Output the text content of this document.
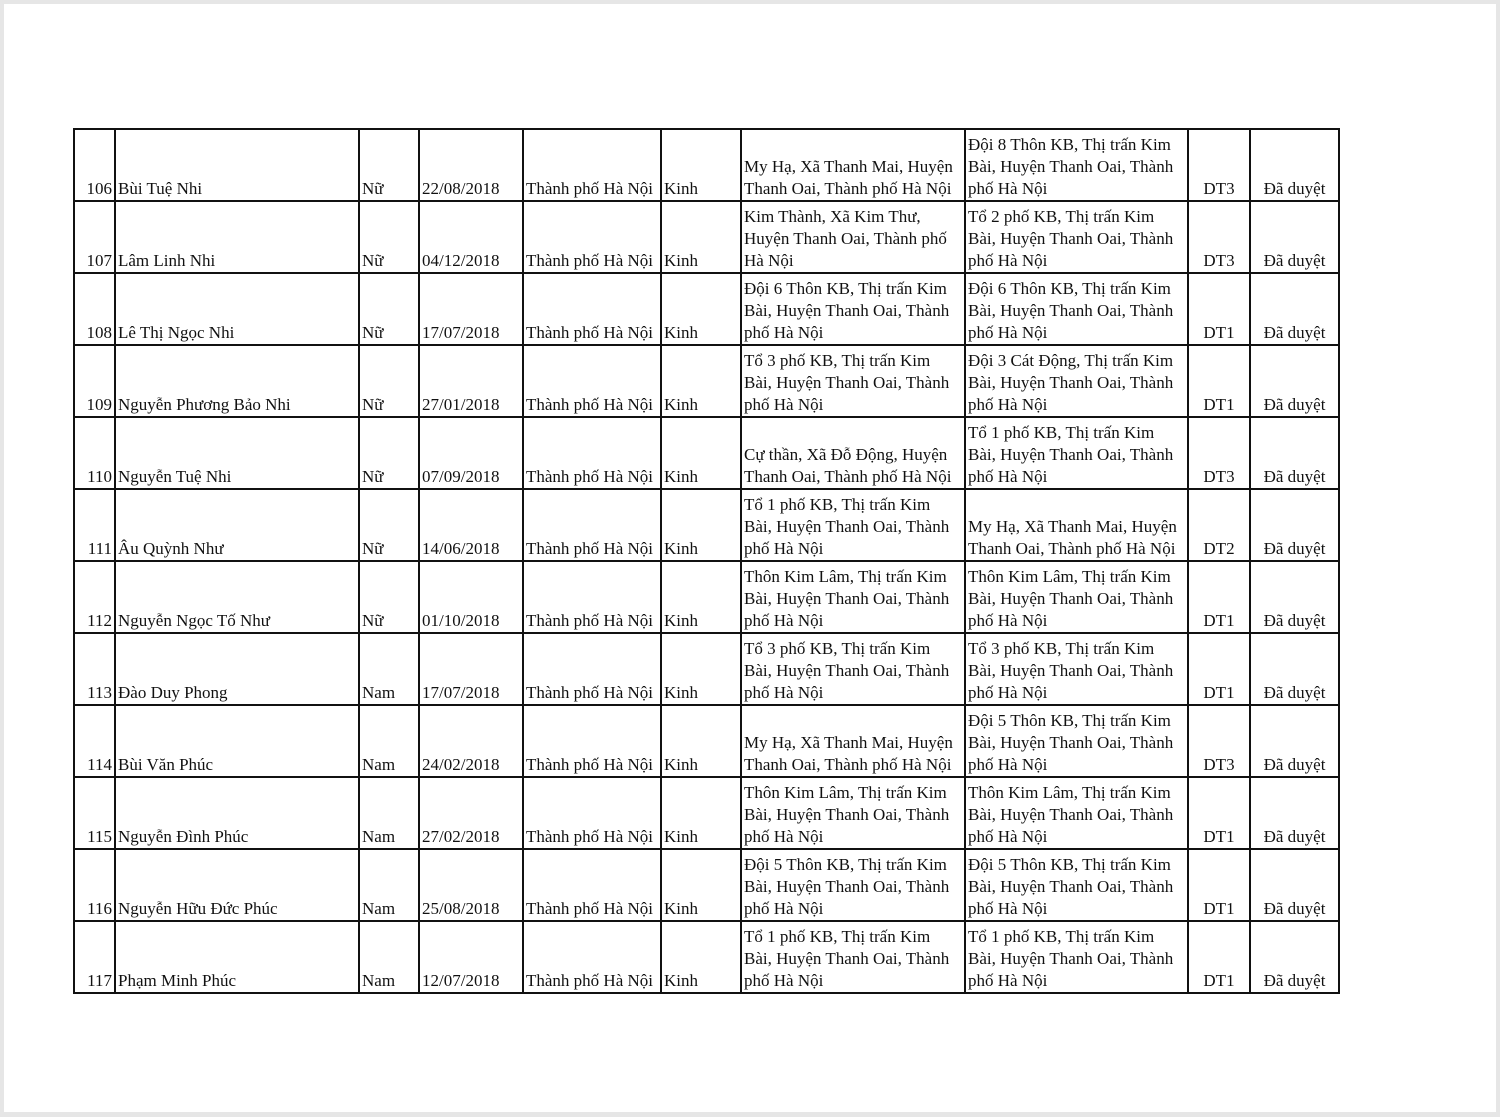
106	Bùi Tuệ Nhi	Nữ	22/08/2018	Thành phố Hà Nội	Kinh	My Hạ, Xã Thanh Mai, Huyện Thanh Oai, Thành phố Hà Nội	Đội 8 Thôn KB, Thị trấn Kim Bài, Huyện Thanh Oai, Thành phố Hà Nội	DT3	Đã duyệt
107	Lâm Linh Nhi	Nữ	04/12/2018	Thành phố Hà Nội	Kinh	Kim Thành, Xã Kim Thư, Huyện Thanh Oai, Thành phố Hà Nội	Tổ 2 phố KB, Thị trấn Kim Bài, Huyện Thanh Oai, Thành phố Hà Nội	DT3	Đã duyệt
108	Lê Thị Ngọc Nhi	Nữ	17/07/2018	Thành phố Hà Nội	Kinh	Đội 6 Thôn KB, Thị trấn Kim Bài, Huyện Thanh Oai, Thành phố Hà Nội	Đội 6 Thôn KB, Thị trấn Kim Bài, Huyện Thanh Oai, Thành phố Hà Nội	DT1	Đã duyệt
109	Nguyễn Phương Bảo Nhi	Nữ	27/01/2018	Thành phố Hà Nội	Kinh	Tổ 3 phố KB, Thị trấn Kim Bài, Huyện Thanh Oai, Thành phố Hà Nội	Đội 3 Cát Động, Thị trấn Kim Bài, Huyện Thanh Oai, Thành phố Hà Nội	DT1	Đã duyệt
110	Nguyễn Tuệ Nhi	Nữ	07/09/2018	Thành phố Hà Nội	Kinh	Cự thần, Xã Đỗ Động, Huyện Thanh Oai, Thành phố Hà Nội	Tổ 1 phố KB, Thị trấn Kim Bài, Huyện Thanh Oai, Thành phố Hà Nội	DT3	Đã duyệt
111	Âu Quỳnh Như	Nữ	14/06/2018	Thành phố Hà Nội	Kinh	Tổ 1 phố KB, Thị trấn Kim Bài, Huyện Thanh Oai, Thành phố Hà Nội	My Hạ, Xã Thanh Mai, Huyện Thanh Oai, Thành phố Hà Nội	DT2	Đã duyệt
112	Nguyễn Ngọc Tố Như	Nữ	01/10/2018	Thành phố Hà Nội	Kinh	Thôn Kim Lâm, Thị trấn Kim Bài, Huyện Thanh Oai, Thành phố Hà Nội	Thôn Kim Lâm, Thị trấn Kim Bài, Huyện Thanh Oai, Thành phố Hà Nội	DT1	Đã duyệt
113	Đào Duy Phong	Nam	17/07/2018	Thành phố Hà Nội	Kinh	Tổ 3 phố KB, Thị trấn Kim Bài, Huyện Thanh Oai, Thành phố Hà Nội	Tổ 3 phố KB, Thị trấn Kim Bài, Huyện Thanh Oai, Thành phố Hà Nội	DT1	Đã duyệt
114	Bùi Văn Phúc	Nam	24/02/2018	Thành phố Hà Nội	Kinh	My Hạ, Xã Thanh Mai, Huyện Thanh Oai, Thành phố Hà Nội	Đội 5 Thôn KB, Thị trấn Kim Bài, Huyện Thanh Oai, Thành phố Hà Nội	DT3	Đã duyệt
115	Nguyễn Đình Phúc	Nam	27/02/2018	Thành phố Hà Nội	Kinh	Thôn Kim Lâm, Thị trấn Kim Bài, Huyện Thanh Oai, Thành phố Hà Nội	Thôn Kim Lâm, Thị trấn Kim Bài, Huyện Thanh Oai, Thành phố Hà Nội	DT1	Đã duyệt
116	Nguyễn Hữu Đức Phúc	Nam	25/08/2018	Thành phố Hà Nội	Kinh	Đội 5 Thôn KB, Thị trấn Kim Bài, Huyện Thanh Oai, Thành phố Hà Nội	Đội 5 Thôn KB, Thị trấn Kim Bài, Huyện Thanh Oai, Thành phố Hà Nội	DT1	Đã duyệt
117	Phạm Minh Phúc	Nam	12/07/2018	Thành phố Hà Nội	Kinh	Tổ 1 phố KB, Thị trấn Kim Bài, Huyện Thanh Oai, Thành phố Hà Nội	Tổ 1 phố KB, Thị trấn Kim Bài, Huyện Thanh Oai, Thành phố Hà Nội	DT1	Đã duyệt
